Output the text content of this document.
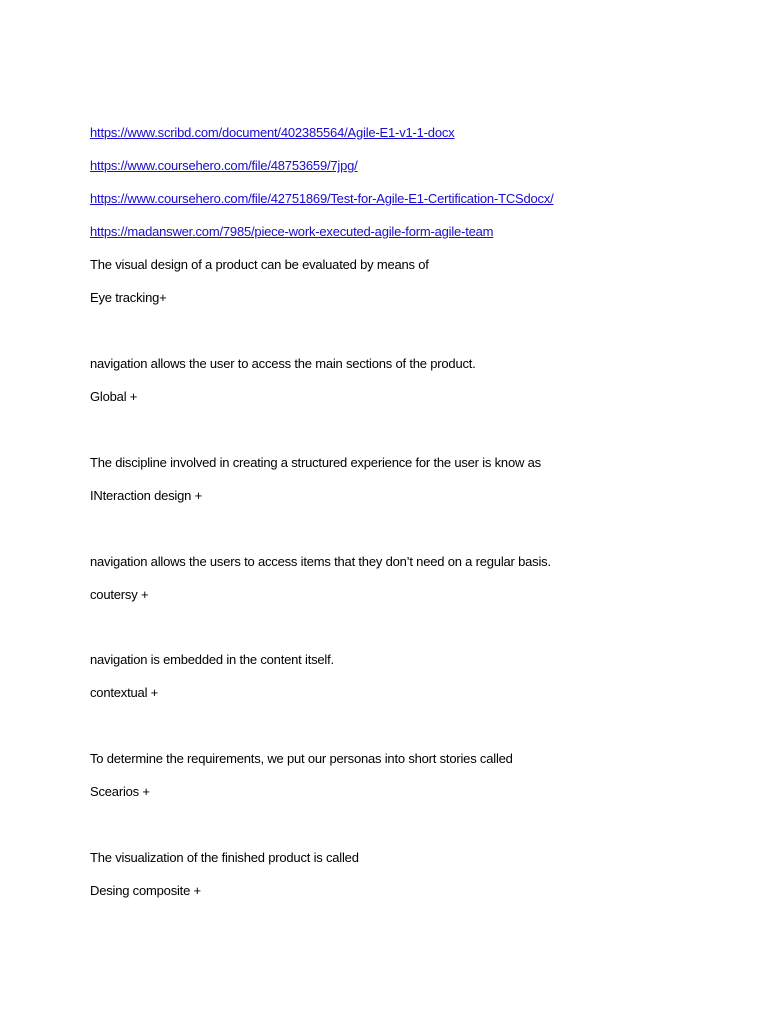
https://www.scribd.com/document/402385564/Agile-E1-v1-1-docx
https://www.coursehero.com/file/48753659/7jpg/
https://www.coursehero.com/file/42751869/Test-for-Agile-E1-Certification-TCSdocx/
https://madanswer.com/7985/piece-work-executed-agile-form-agile-team
The visual design of a product can be evaluated by means of
Eye tracking+
navigation allows the user to access the main sections of the product.
Global +
The discipline involved in creating a structured experience for the user is know as
INteraction design +
navigation allows the users to access items that they don’t need on a regular basis.
coutersy +
navigation is embedded in the content itself.
contextual +
To determine the requirements, we put our personas into short stories called
Scearios +
The visualization of the finished product is called
Desing composite +
